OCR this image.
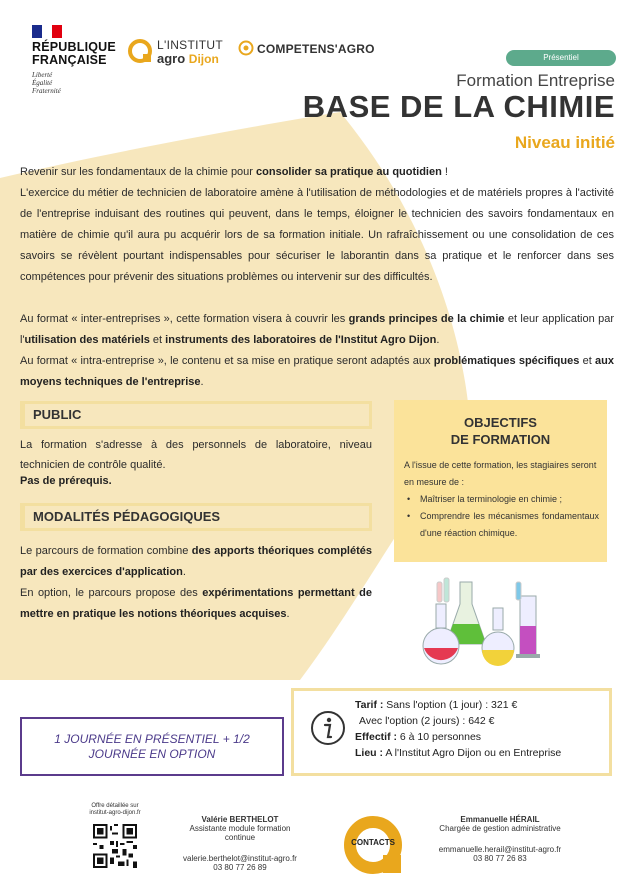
RÉPUBLIQUE
FRANÇAISE
Liberté
Égalité
Fraternité
L'INSTITUT
agro Dijon
COMPETENS'AGRO
Présentiel
Formation Entreprise
BASE DE LA CHIMIE
Niveau initié
Revenir sur les fondamentaux de la chimie pour consolider sa pratique au quotidien !
L'exercice du métier de technicien de laboratoire amène à l'utilisation de méthodologies et de matériels propres à l'activité de l'entreprise induisant des routines qui peuvent, dans le temps, éloigner le technicien des savoirs fondamentaux en matière de chimie qu'il aura pu acquérir lors de sa formation initiale. Un rafraîchissement ou une consolidation de ces savoirs se révèlent pourtant indispensables pour sécuriser le laborantin dans sa pratique et le renforcer dans ses compétences pour prévenir des situations problèmes ou intervenir sur des difficultés.
Au format « inter-entreprises », cette formation visera à couvrir les grands principes de la chimie et leur application par l'utilisation des matériels et instruments des laboratoires de l'Institut Agro Dijon.
Au format « intra-entreprise », le contenu et sa mise en pratique seront adaptés aux problématiques spécifiques et aux moyens techniques de l'entreprise.
PUBLIC
La formation s'adresse à des personnels de laboratoire, niveau technicien de contrôle qualité.
Pas de prérequis.
MODALITÉS PÉDAGOGIQUES
Le parcours de formation combine des apports théoriques complétés par des exercices d'application.
En option, le parcours propose des expérimentations permettant de mettre en pratique les notions théoriques acquises.
OBJECTIFS
DE FORMATION
A l'issue de cette formation, les stagiaires seront en mesure de :
• Maîtriser la terminologie en chimie ;
• Comprendre les mécanismes fondamentaux d'une réaction chimique.
1 JOURNÉE EN PRÉSENTIEL + 1/2 JOURNÉE EN OPTION
Tarif : Sans l'option (1 jour) : 321 €
Avec l'option (2 jours) : 642 €
Effectif : 6 à 10 personnes
Lieu : A l'Institut Agro Dijon ou en Entreprise
Offre détaillée sur
institut-agro-dijon.fr
Valérie BERTHELOT
Assistante module formation
continue
valerie.berthelot@institut-agro.fr
03 80 77 26 89
CONTACTS
Emmanuelle HÉRAIL
Chargée de gestion administrative
emmanuelle.herail@institut-agro.fr
03 80 77 26 83
